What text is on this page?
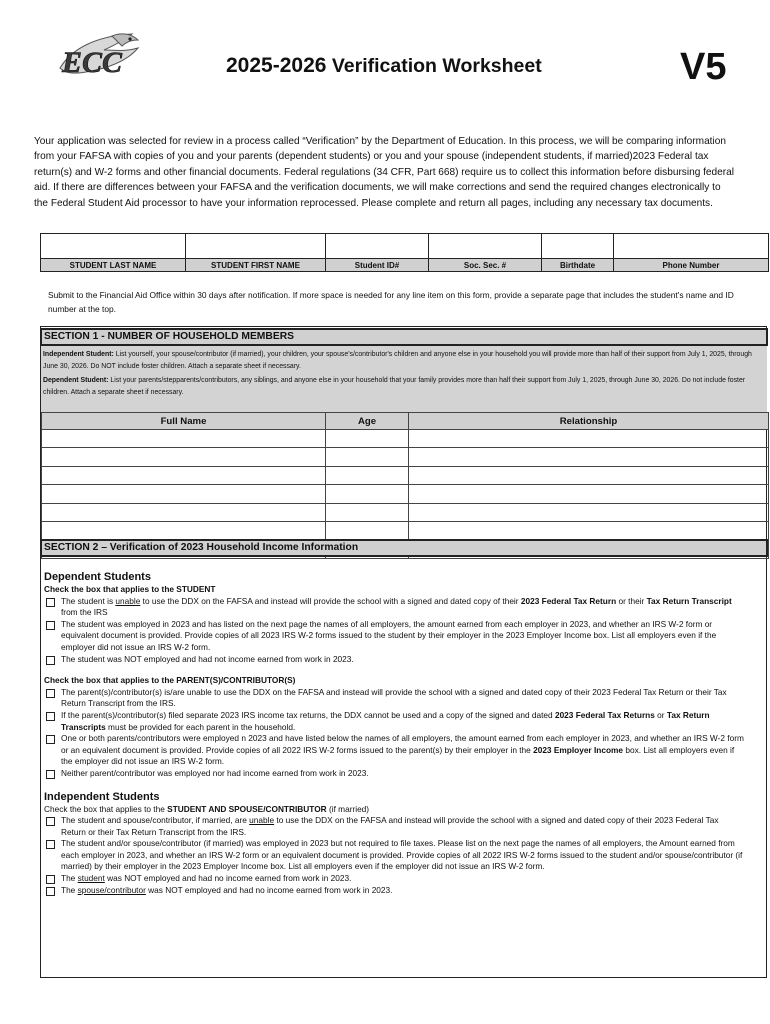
ECC	2025-2026 Verification Worksheet	V5
Your application was selected for review in a process called “Verification” by the Department of Education. In this process, we will be comparing information from your FAFSA with copies of you and your parents (dependent students) or you and your spouse (independent students, if married)2023 Federal tax return(s) and W-2 forms and other financial documents. Federal regulations (34 CFR, Part 668) require us to collect this information before disbursing federal aid. If there are differences between your FAFSA and the verification documents, we will make corrections and send the required changes electronically to the Federal Student Aid processor to have your information reprocessed. Please complete and return all pages, including any necessary tax documents.

STUDENT LAST NAME	STUDENT FIRST NAME	Student ID#	Soc. Sec. #	Birthdate	Phone Number
Submit to the Financial Aid Office within 30 days after notification. If more space is needed for any line item on this form, provide a separate page that includes the student's name and ID number at the top.
SECTION 1 - NUMBER OF HOUSEHOLD MEMBERS
Independent Student: List yourself, your spouse/contributor (if married), your children, your spouse's/contributor's children and anyone else in your household you will provide more than half of their support from July 1, 2025, through June 30, 2026. Do NOT include foster children. Attach a separate sheet if necessary.
Dependent Student: List your parents/stepparents/contributors, any siblings, and anyone else in your household that your family provides more than half their support from July 1, 2025, through June 30, 2026. Do not include foster children. Attach a separate sheet if necessary.
Full Name	Age	Relationship

SECTION 2 – Verification of 2023 Household Income Information
Dependent Students
Check the box that applies to the STUDENT
The student is unable to use the DDX on the FAFSA and instead will provide the school with a signed and dated copy of their 2023 Federal Tax Return or their Tax Return Transcript from the IRS
The student was employed in 2023 and has listed on the next page the names of all employers, the amount earned from each employer in 2023, and whether an IRS W-2 form or equivalent document is provided. Provide copies of all 2023 IRS W-2 forms issued to the student by their employer in the 2023 Employer Income box. List all employers even if the employer did not issue an IRS W-2 form.
The student was NOT employed and had not income earned from work in 2023.
Check the box that applies to the PARENT(S)/CONTRIBUTOR(S)
The parent(s)/contributor(s) is/are unable to use the DDX on the FAFSA and instead will provide the school with a signed and dated copy of their 2023 Federal Tax Return or their Tax Return Transcript from the IRS.
If the parent(s)/contributor(s) filed separate 2023 IRS income tax returns, the DDX cannot be used and a copy of the signed and dated 2023 Federal Tax Returns or Tax Return Transcripts must be provided for each parent in the household.
One or both parents/contributors were employed n 2023 and have listed below the names of all employers, the amount earned from each employer in 2023, and whether an IRS W-2 form or an equivalent document is provided. Provide copies of all 2022 IRS W-2 forms issued to the parent(s) by their employer in the 2023 Employer Income box. List all employers even if the employer did not issue an IRS W-2 form.
Neither parent/contributor was employed nor had income earned from work in 2023.
Independent Students
Check the box that applies to the STUDENT AND SPOUSE/CONTRIBUTOR (if married)
The student and spouse/contributor, if married, are unable to use the DDX on the FAFSA and instead will provide the school with a signed and dated copy of their 2023 Federal Tax Return or their Tax Return Transcript from the IRS.
The student and/or spouse/contributor (if married) was employed in 2023 but not required to file taxes. Please list on the next page the names of all employers, the Amount earned from each employer in 2023, and whether an IRS W-2 form or an equivalent document is provided. Provide copies of all 2022 IRS W-2 forms issued to the student and/or spouse/contributor (if married) by their employer in the 2023 Employer Income box. List all employers even if the employer did not issue an IRS W-2 form.
The student was NOT employed and had no income earned from work in 2023.
The spouse/contributor was NOT employed and had no income earned from work in 2023.
